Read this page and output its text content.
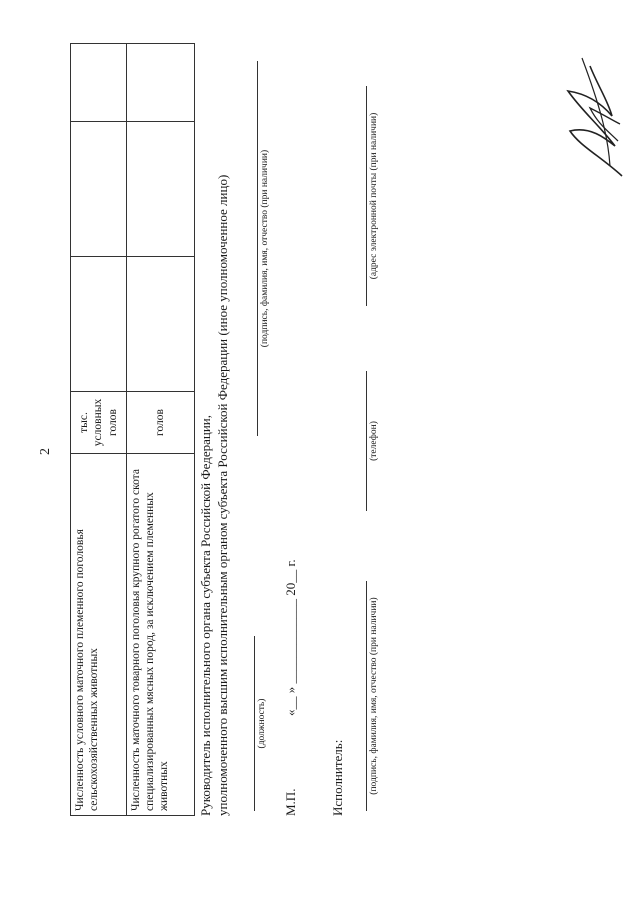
2
Численность условного маточного племенного поголовья сельскохозяйственных животных	тыс. условных голов			
Численность маточного товарного поголовья крупного рогатого скота специализированных мясных пород, за исключением племенных животных	голов			Руководитель исполнительного органа субъекта Российской Федерации, уполномоченного высшим исполнительным органом субъекта Российской Федерации (иное уполномоченное лицо)	(должность)
(подпись, фамилия, имя, отчество (при наличии)
М.П.
«__ » _____________ 20__ г.
Исполнитель:	(подпись, фамилия, имя, отчество (при наличии)
(телефон)
(адрес электронной почты (при наличии)
